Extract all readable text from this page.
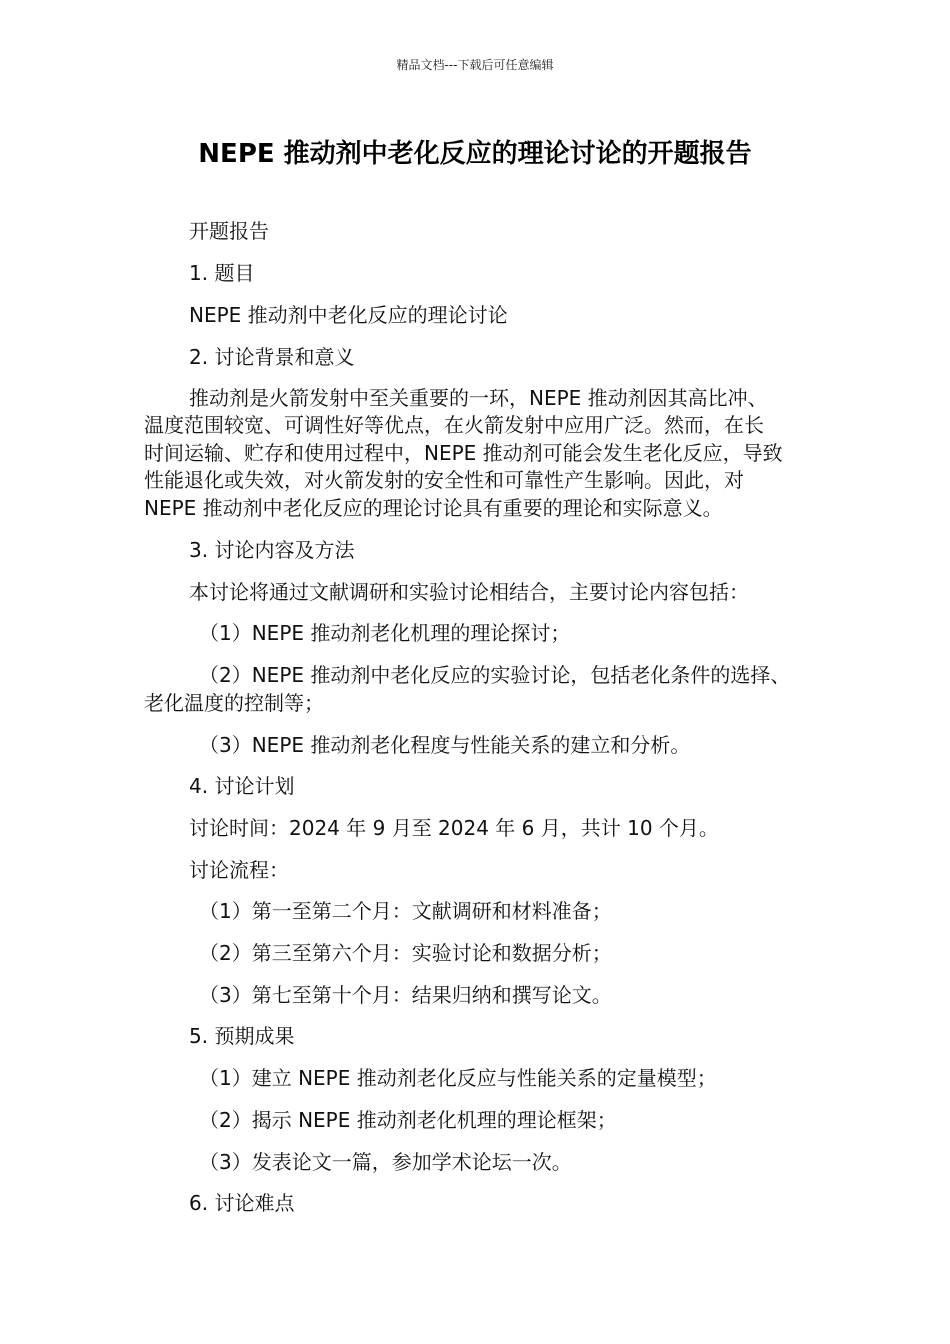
精品文档---下载后可任意编辑
NEPE 推动剂中老化反应的理论讨论的开题报告
开题报告
1. 题目
NEPE 推动剂中老化反应的理论讨论
2. 讨论背景和意义
推动剂是火箭发射中至关重要的一环，NEPE 推动剂因其高比冲、
温度范围较宽、可调性好等优点，在火箭发射中应用广泛。然而，在长
时间运输、贮存和使用过程中，NEPE 推动剂可能会发生老化反应，导致
性能退化或失效，对火箭发射的安全性和可靠性产生影响。因此，对
NEPE 推动剂中老化反应的理论讨论具有重要的理论和实际意义。
3. 讨论内容及方法
本讨论将通过文献调研和实验讨论相结合，主要讨论内容包括：
（1）NEPE 推动剂老化机理的理论探讨；
（2）NEPE 推动剂中老化反应的实验讨论，包括老化条件的选择、
老化温度的控制等；
（3）NEPE 推动剂老化程度与性能关系的建立和分析。
4. 讨论计划
讨论时间：2024 年 9 月至 2024 年 6 月，共计 10 个月。
讨论流程：
（1）第一至第二个月：文献调研和材料准备；
（2）第三至第六个月：实验讨论和数据分析；
（3）第七至第十个月：结果归纳和撰写论文。
5. 预期成果
（1）建立 NEPE 推动剂老化反应与性能关系的定量模型；
（2）揭示 NEPE 推动剂老化机理的理论框架；
（3）发表论文一篇，参加学术论坛一次。
6. 讨论难点
